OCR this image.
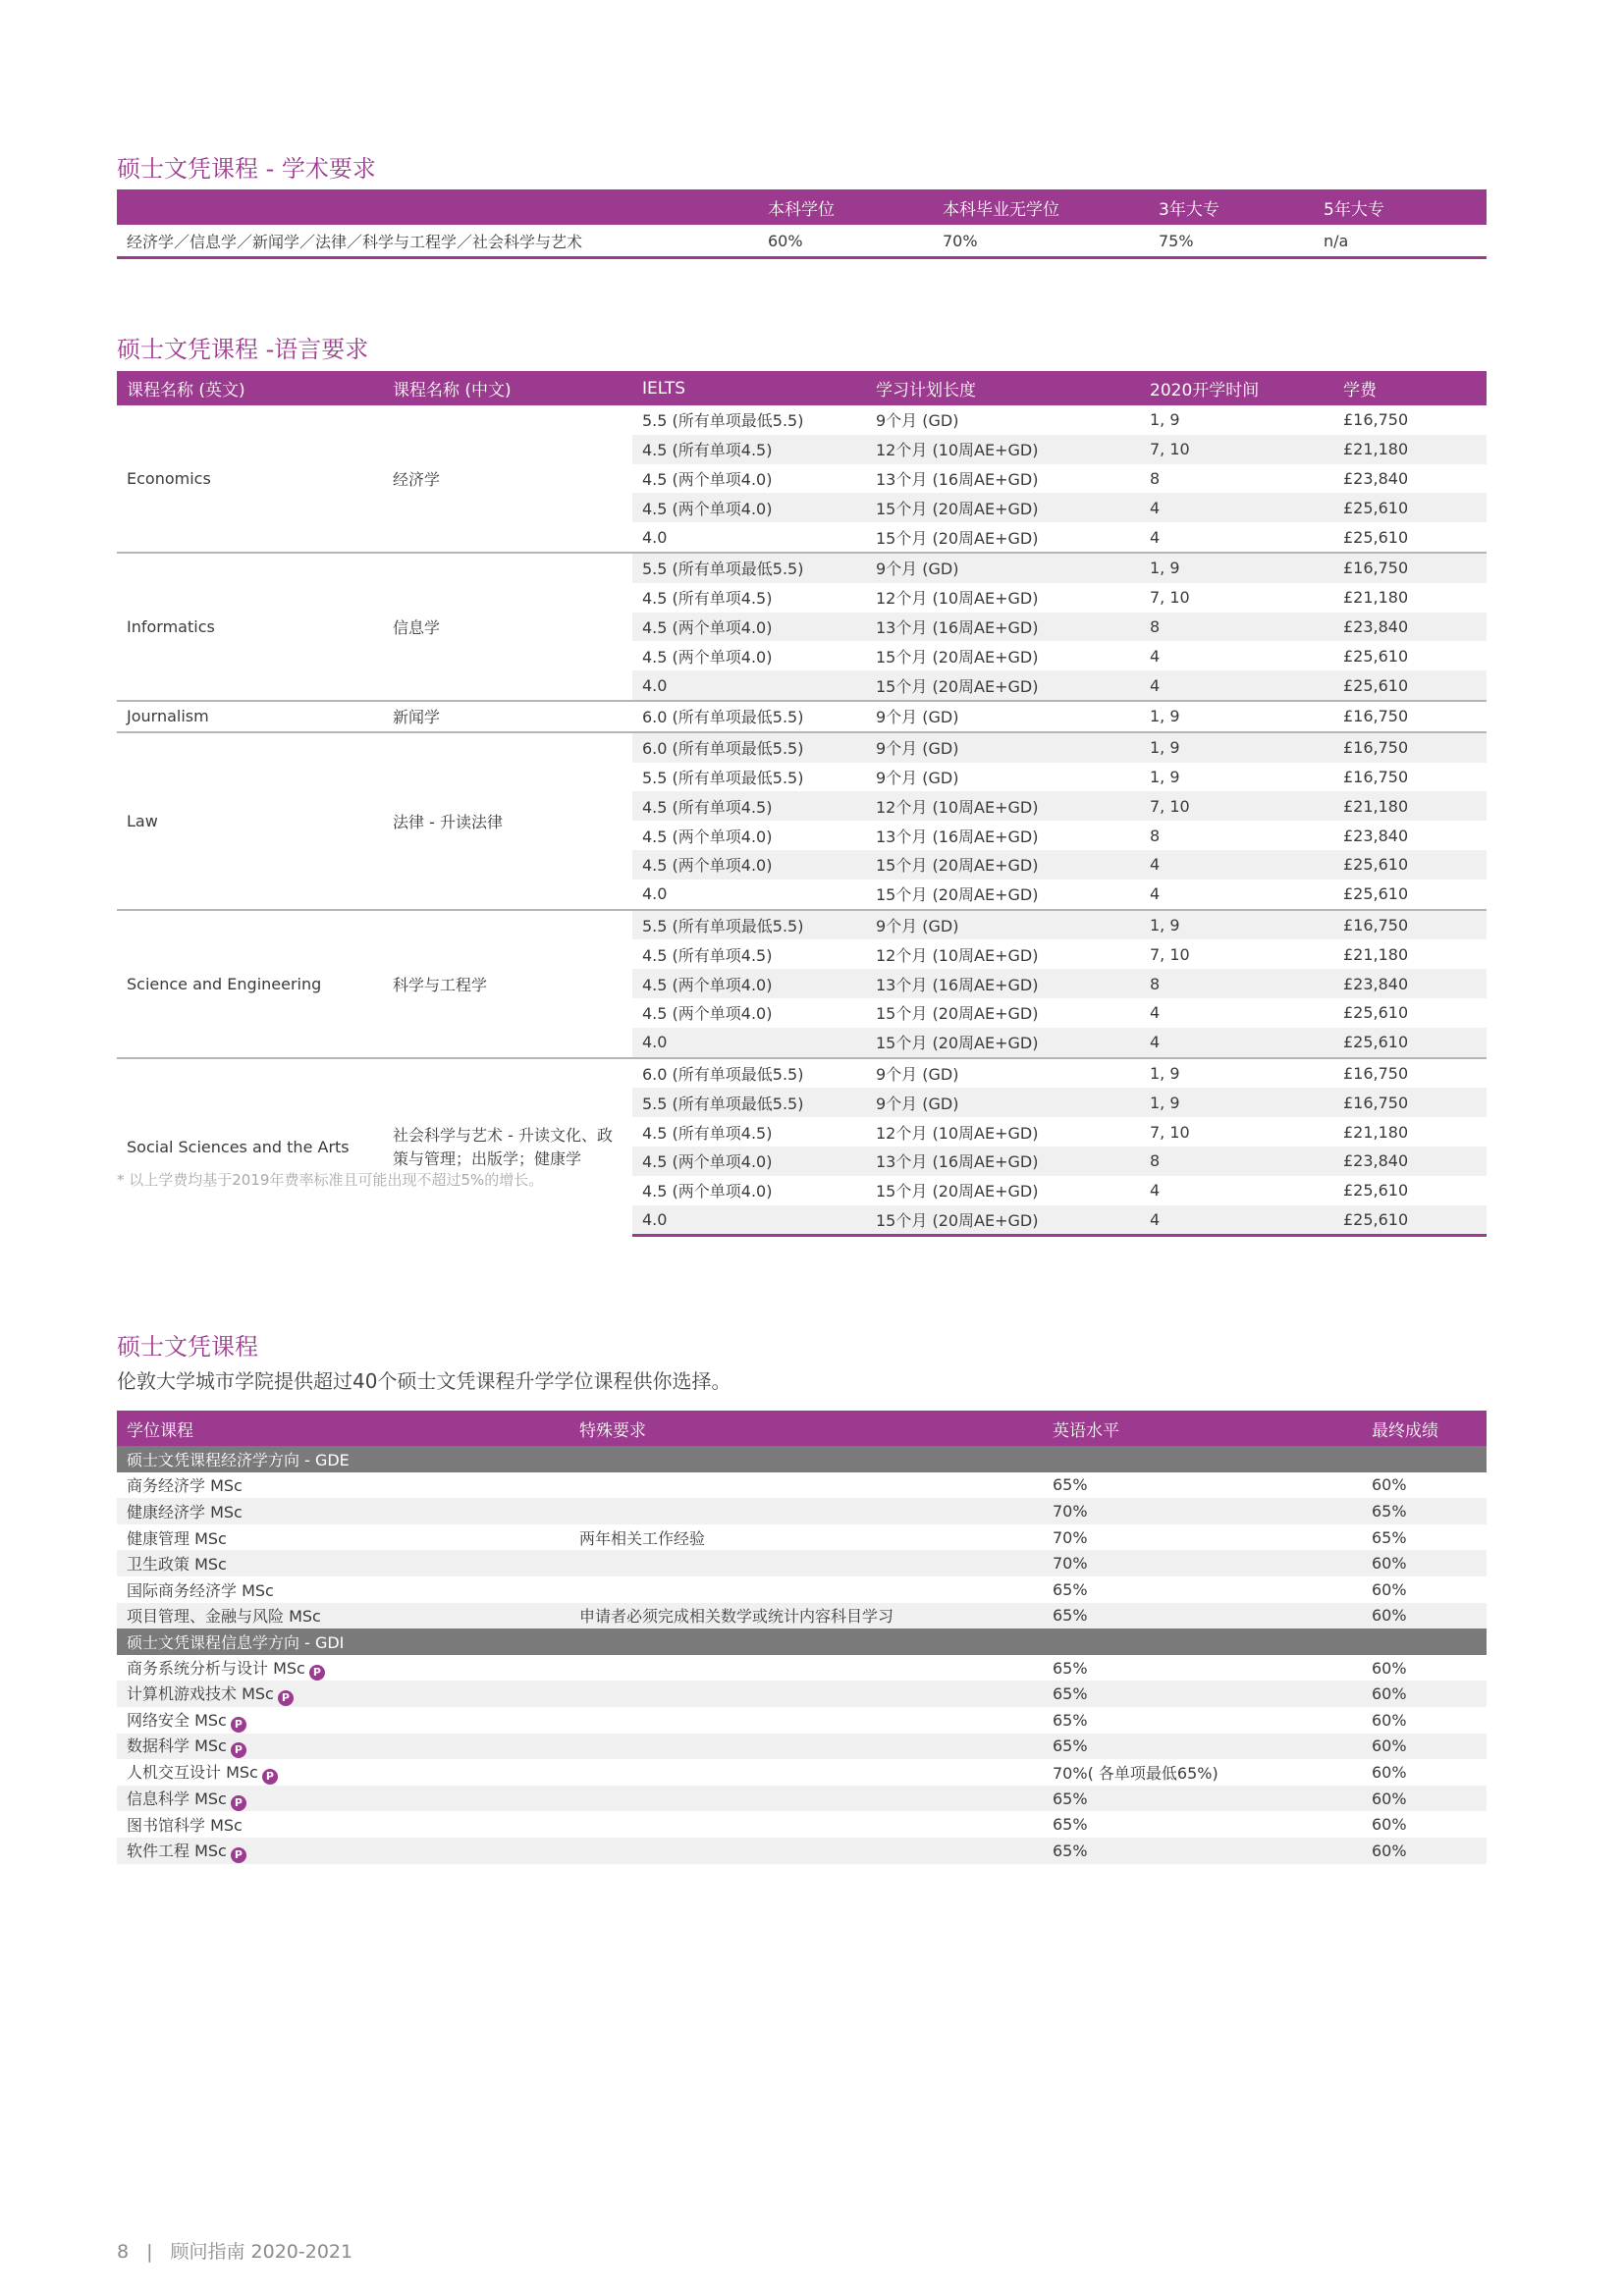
硕士文凭课程 - 学术要求
	本科学位	本科毕业无学位	3年大专	5年大专
经济学／信息学／新闻学／法律／科学与工程学／社会科学与艺术	60%	70%	75%	n/a
硕士文凭课程 -语言要求
课程名称 (英文)	课程名称 (中文)	IELTS	学习计划长度	2020开学时间	学费
Economics	经济学	5.5 (所有单项最低5.5)	9个月 (GD)	1, 9	£16,750
		4.5 (所有单项4.5)	12个月 (10周AE+GD)	7, 10	£21,180
		4.5 (两个单项4.0)	13个月 (16周AE+GD)	8	£23,840
		4.5 (两个单项4.0)	15个月 (20周AE+GD)	4	£25,610
		4.0	15个月 (20周AE+GD)	4	£25,610
Informatics	信息学	5.5 (所有单项最低5.5)	9个月 (GD)	1, 9	£16,750
		4.5 (所有单项4.5)	12个月 (10周AE+GD)	7, 10	£21,180
		4.5 (两个单项4.0)	13个月 (16周AE+GD)	8	£23,840
		4.5 (两个单项4.0)	15个月 (20周AE+GD)	4	£25,610
		4.0	15个月 (20周AE+GD)	4	£25,610
Journalism	新闻学	6.0 (所有单项最低5.5)	9个月 (GD)	1, 9	£16,750
Law	法律 - 升读法律	6.0 (所有单项最低5.5)	9个月 (GD)	1, 9	£16,750
		5.5 (所有单项最低5.5)	9个月 (GD)	1, 9	£16,750
		4.5 (所有单项4.5)	12个月 (10周AE+GD)	7, 10	£21,180
		4.5 (两个单项4.0)	13个月 (16周AE+GD)	8	£23,840
		4.5 (两个单项4.0)	15个月 (20周AE+GD)	4	£25,610
		4.0	15个月 (20周AE+GD)	4	£25,610
Science and Engineering	科学与工程学	5.5 (所有单项最低5.5)	9个月 (GD)	1, 9	£16,750
		4.5 (所有单项4.5)	12个月 (10周AE+GD)	7, 10	£21,180
		4.5 (两个单项4.0)	13个月 (16周AE+GD)	8	£23,840
		4.5 (两个单项4.0)	15个月 (20周AE+GD)	4	£25,610
		4.0	15个月 (20周AE+GD)	4	£25,610
Social Sciences and the Arts	社会科学与艺术 - 升读文化、政策与管理；出版学；健康学	6.0 (所有单项最低5.5)	9个月 (GD)	1, 9	£16,750
		5.5 (所有单项最低5.5)	9个月 (GD)	1, 9	£16,750
		4.5 (所有单项4.5)	12个月 (10周AE+GD)	7, 10	£21,180
		4.5 (两个单项4.0)	13个月 (16周AE+GD)	8	£23,840
		4.5 (两个单项4.0)	15个月 (20周AE+GD)	4	£25,610
		4.0	15个月 (20周AE+GD)	4	£25,610
* 以上学费均基于2019年费率标准且可能出现不超过5%的增长。
硕士文凭课程

伦敦大学城市学院提供超过40个硕士文凭课程升学学位课程供你选择。

学位课程	特殊要求	英语水平	最终成绩
硕士文凭课程经济学方向 - GDE			
商务经济学 MSc		65%	60%
健康经济学 MSc		70%	65%
健康管理 MSc	两年相关工作经验	70%	65%
卫生政策 MSc		70%	60%
国际商务经济学 MSc		65%	60%
项目管理、金融与风险 MSc	申请者必须完成相关数学或统计内容科目学习	65%	60%
硕士文凭课程信息学方向 - GDI			
商务系统分析与设计 MSc P		65%	60%
计算机游戏技术 MSc P		65%	60%
网络安全 MSc P		65%	60%
数据科学 MSc P		65%	60%
人机交互设计 MSc P		70%( 各单项最低65%)	60%
信息科学 MSc P		65%	60%
图书馆科学 MSc		65%	60%
软件工程 MSc P		65%	60%
8 | 顾问指南 2020-2021
